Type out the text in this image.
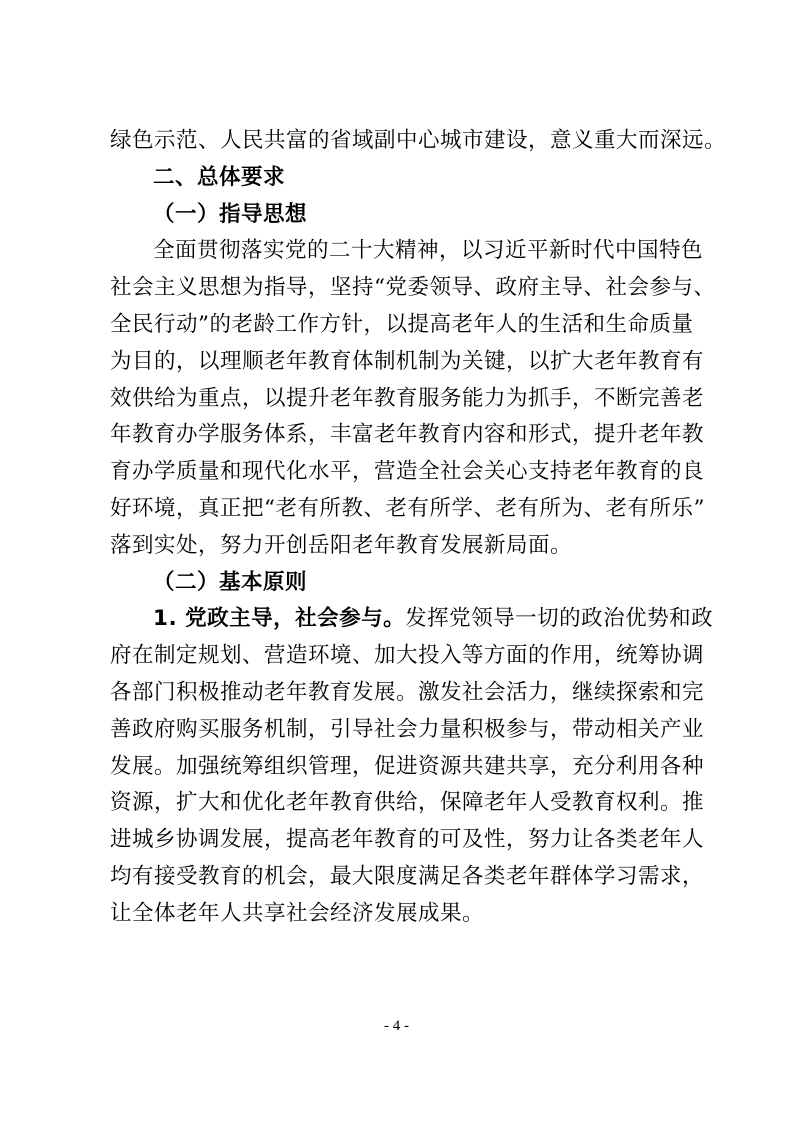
绿色示范、人民共富的省域副中心城市建设，意义重大而深远。
二、总体要求
（一）指导思想
全面贯彻落实党的二十大精神，以习近平新时代中国特色
社会主义思想为指导，坚持“党委领导、政府主导、社会参与、
全民行动”的老龄工作方针，以提高老年人的生活和生命质量
为目的，以理顺老年教育体制机制为关键，以扩大老年教育有
效供给为重点，以提升老年教育服务能力为抓手，不断完善老
年教育办学服务体系，丰富老年教育内容和形式，提升老年教
育办学质量和现代化水平，营造全社会关心支持老年教育的良
好环境，真正把“老有所教、老有所学、老有所为、老有所乐”
落到实处，努力开创岳阳老年教育发展新局面。
（二）基本原则
1. 党政主导，社会参与。发挥党领导一切的政治优势和政
府在制定规划、营造环境、加大投入等方面的作用，统筹协调
各部门积极推动老年教育发展。激发社会活力，继续探索和完
善政府购买服务机制，引导社会力量积极参与，带动相关产业
发展。加强统筹组织管理，促进资源共建共享，充分利用各种
资源，扩大和优化老年教育供给，保障老年人受教育权利。推
进城乡协调发展，提高老年教育的可及性，努力让各类老年人
均有接受教育的机会，最大限度满足各类老年群体学习需求，
让全体老年人共享社会经济发展成果。
- 4 -
